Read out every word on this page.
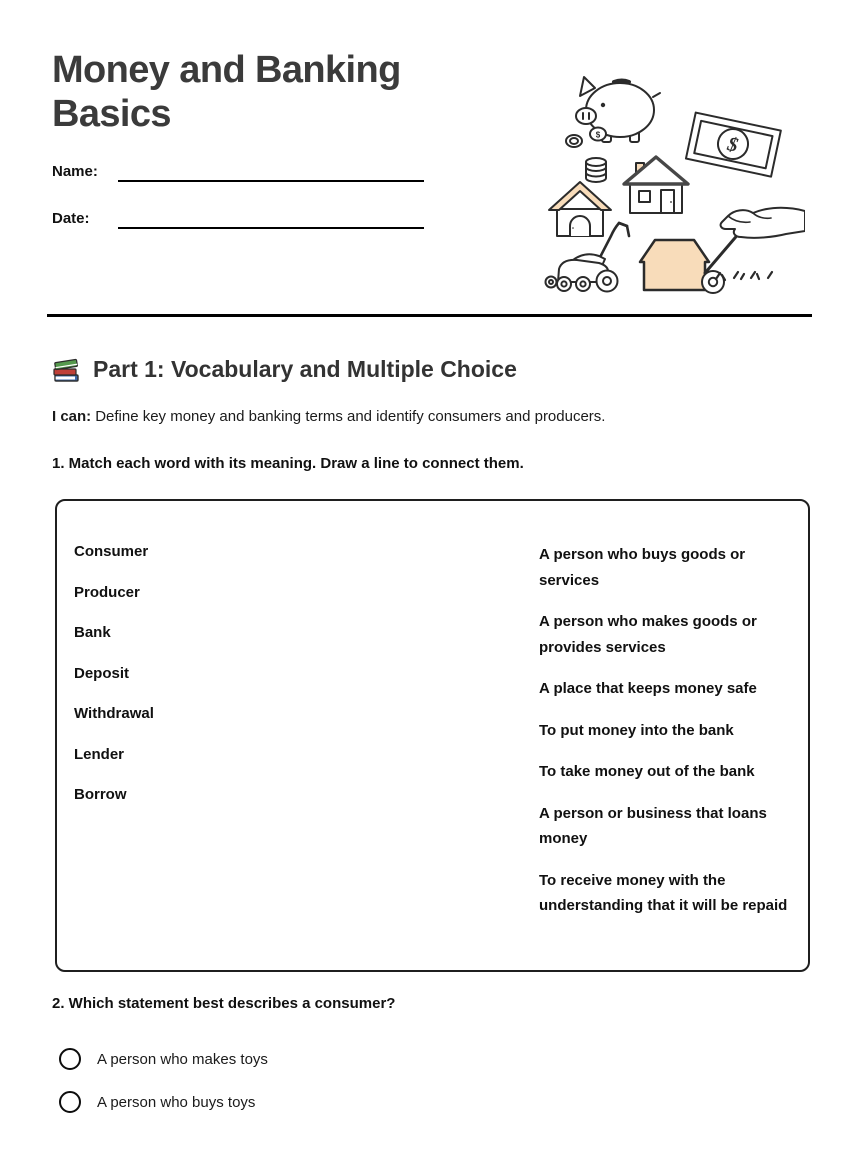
Money and Banking Basics
Name:
Date:
$	$
Part 1: Vocabulary and Multiple Choice
I can: Define key money and banking terms and identify consumers and producers.
1. Match each word with its meaning. Draw a line to connect them.
Consumer
Producer
Bank
Deposit
Withdrawal
Lender
Borrow
A person who buys goods or services
A person who makes goods or provides services
A place that keeps money safe
To put money into the bank
To take money out of the bank
A person or business that loans money
To receive money with the understanding that it will be repaid
2. Which statement best describes a consumer?
A person who makes toys
A person who buys toys
